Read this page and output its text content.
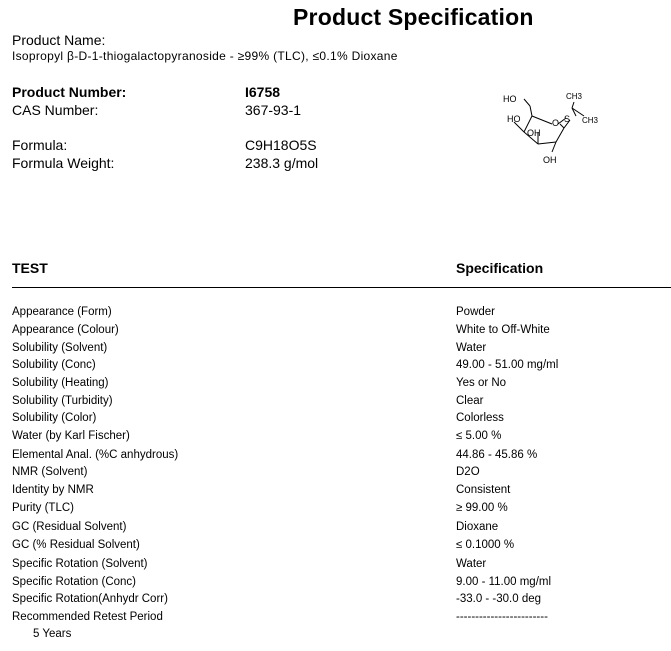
Product Specification
Product Name:
Isopropyl β-D-1-thiogalactopyranoside - ≥99% (TLC), ≤0.1% Dioxane
Product Number:	I6758
CAS Number:	367-93-1
Formula:	C9H18O5S
Formula Weight:	238.3 g/mol
HO
HO
OH
O S
CH3
CH3
OH
TEST	Specification
Appearance (Form)	Powder
Appearance (Colour)	White to Off-White
Solubility (Solvent)	Water
Solubility (Conc)	49.00 - 51.00 mg/ml
Solubility (Heating)	Yes or No
Solubility (Turbidity)	Clear
Solubility (Color)	Colorless
Water (by Karl Fischer)	≤ 5.00 %
Elemental Anal. (%C anhydrous)	44.86 - 45.86 %
NMR (Solvent)	D2O
Identity by NMR	Consistent
Purity (TLC)	≥ 99.00 %
GC (Residual Solvent)	Dioxane
GC (% Residual Solvent)	≤ 0.1000 %
Specific Rotation (Solvent)	Water
Specific Rotation (Conc)	9.00 - 11.00 mg/ml
Specific Rotation(Anhydr Corr)	-33.0 - -30.0 deg
Recommended Retest Period	------------------------
5 Years
